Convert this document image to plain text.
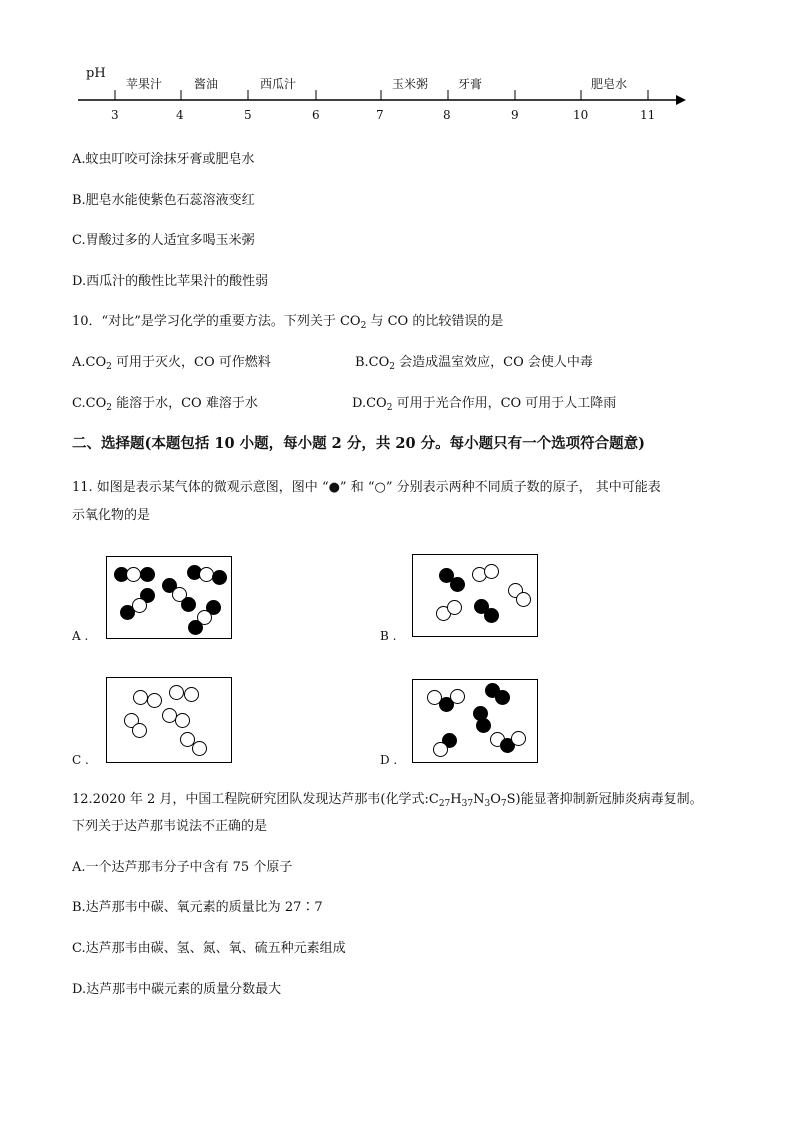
pH
苹果汁	酱油	西瓜汁	玉米粥 牙膏	肥皂水
3	4	5	6	7	8	9	10	11
A.蚊虫叮咬可涂抹牙膏或肥皂水
B.肥皂水能使紫色石蕊溶液变红
C.胃酸过多的人适宜多喝玉米粥
D.西瓜汁的酸性比苹果汁的酸性弱
10．“对比”是学习化学的重要方法。下列关于 $CO_2$ 与 CO 的比较错误的是
$A.CO_2$ 可用于灭火，CO 可作燃料	$B.CO_2$ 会造成温室效应，CO 会使人中毒
$C.CO_2$ 能溶于水，CO 难溶于水	$D.CO_2$ 可用于光合作用，CO 可用于人工降雨
二、选择题(本题包括 10 小题，每小题 2 分，共 20 分。每小题只有一个选项符合题意)
11. 如图是表示某气体的微观示意图，图中 “●” 和 “○” 分别表示两种不同质子数的原子， 其中可能表
示氧化物的是
A .	B .
C .	D .
12.2020 年 2 月，中国工程院研究团队发现达芦那韦(化学式$:C_{27}H_{37}N_3O_7S$)能显著抑制新冠肺炎病毒复制。
下列关于达芦那韦说法不正确的是
A.一个达芦那韦分子中含有 75 个原子
B.达芦那韦中碳、氧元素的质量比为 27∶7
C.达芦那韦由碳、氢、氮、氧、硫五种元素组成
D.达芦那韦中碳元素的质量分数最大
